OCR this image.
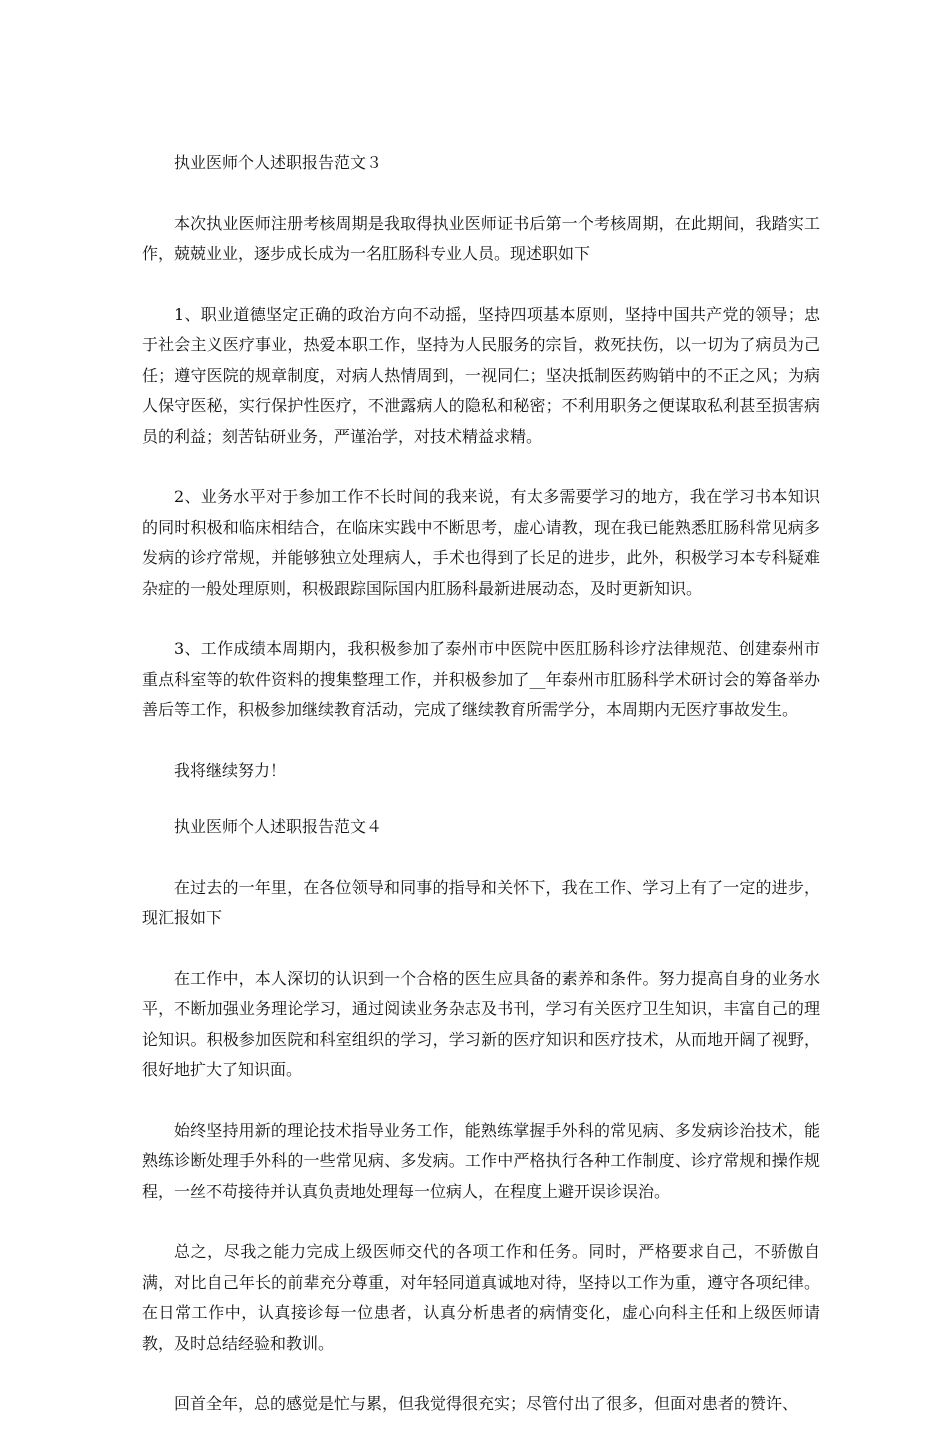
执业医师个人述职报告范文３

本次执业医师注册考核周期是我取得执业医师证书后第一个考核周期，在此期间，我踏实工作，兢兢业业，逐步成长成为一名肛肠科专业人员。现述职如下

1、职业道德坚定正确的政治方向不动摇，坚持四项基本原则，坚持中国共产党的领导；忠于社会主义医疗事业，热爱本职工作，坚持为人民服务的宗旨，救死扶伤，以一切为了病员为己任；遵守医院的规章制度，对病人热情周到，一视同仁；坚决抵制医药购销中的不正之风；为病人保守医秘，实行保护性医疗，不泄露病人的隐私和秘密；不利用职务之便谋取私利甚至损害病员的利益；刻苦钻研业务，严谨治学，对技术精益求精。

2、业务水平对于参加工作不长时间的我来说，有太多需要学习的地方，我在学习书本知识的同时积极和临床相结合，在临床实践中不断思考，虚心请教，现在我已能熟悉肛肠科常见病多发病的诊疗常规，并能够独立处理病人，手术也得到了长足的进步，此外，积极学习本专科疑难杂症的一般处理原则，积极跟踪国际国内肛肠科最新进展动态，及时更新知识。

3、工作成绩本周期内，我积极参加了泰州市中医院中医肛肠科诊疗法律规范、创建泰州市重点科室等的软件资料的搜集整理工作，并积极参加了__年泰州市肛肠科学术研讨会的筹备举办善后等工作，积极参加继续教育活动，完成了继续教育所需学分，本周期内无医疗事故发生。

我将继续努力！

执业医师个人述职报告范文４

在过去的一年里，在各位领导和同事的指导和关怀下，我在工作、学习上有了一定的进步，现汇报如下

在工作中，本人深切的认识到一个合格的医生应具备的素养和条件。努力提高自身的业务水平，不断加强业务理论学习，通过阅读业务杂志及书刊，学习有关医疗卫生知识，丰富自己的理论知识。积极参加医院和科室组织的学习，学习新的医疗知识和医疗技术，从而地开阔了视野，很好地扩大了知识面。

始终坚持用新的理论技术指导业务工作，能熟练掌握手外科的常见病、多发病诊治技术，能熟练诊断处理手外科的一些常见病、多发病。工作中严格执行各种工作制度、诊疗常规和操作规程，一丝不苟接待并认真负责地处理每一位病人，在程度上避开误诊误治。

总之，尽我之能力完成上级医师交代的各项工作和任务。同时，严格要求自己，不骄傲自满，对比自己年长的前辈充分尊重，对年轻同道真诚地对待，坚持以工作为重，遵守各项纪律。在日常工作中，认真接诊每一位患者，认真分析患者的病情变化，虚心向科主任和上级医师请教，及时总结经验和教训。

回首全年，总的感觉是忙与累，但我觉得很充实；尽管付出了很多，但面对患者的赞许、
